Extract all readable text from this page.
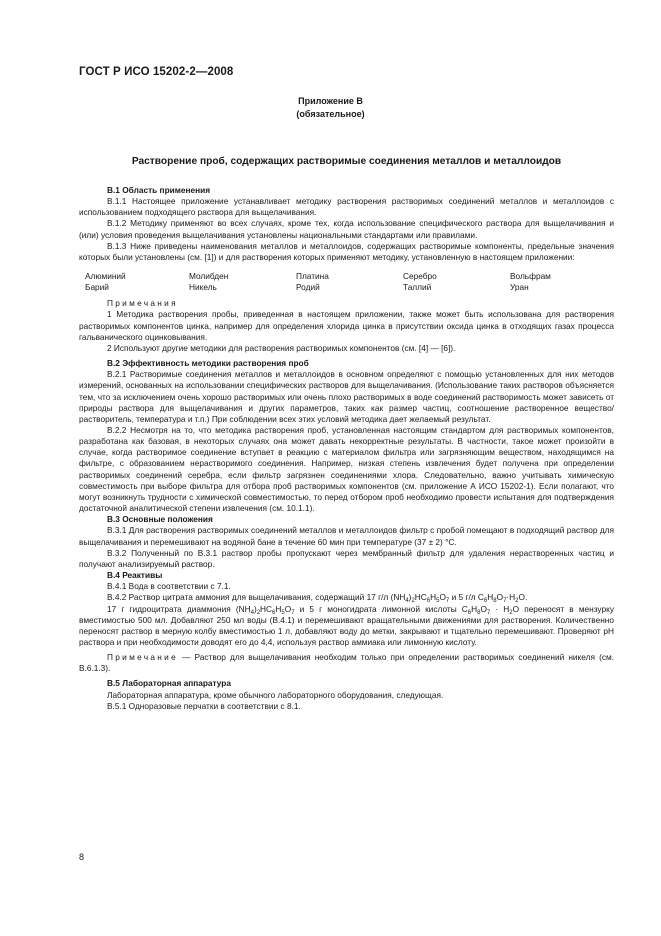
ГОСТ Р ИСО 15202-2—2008
Приложение В
(обязательное)
Растворение проб, содержащих растворимые соединения металлов и металлоидов

В.1 Область применения

В.1.1 Настоящее приложение устанавливает методику растворения растворимых соединений металлов и металлоидов с использованием подходящего раствора для выщелачивания.

В.1.2 Методику применяют во всех случаях, кроме тех, когда использование специфического раствора для выщелачивания и (или) условия проведения выщелачивания установлены национальными стандартами или правилами.

В.1.3 Ниже приведены наименования металлов и металлоидов, содержащих растворимые компоненты, предельные значения которых были установлены (см. [1]) и для растворения которых применяют методику, установленную в настоящем приложении:

Алюминий	Молибден	Платина	Серебро	Вольфрам
Барий	Никель	Родий	Таллий	Уран

Примечания

1 Методика растворения пробы, приведенная в настоящем приложении, также может быть использована для растворения растворимых компонентов цинка, например для определения хлорида цинка в присутствии оксида цинка в отходящих газах процесса гальванического оцинковывания.

2 Используют другие методики для растворения растворимых компонентов (см. [4] — [6]).

В.2 Эффективность методики растворения проб

В.2.1 Растворимые соединения металлов и металлоидов в основном определяют с помощью установленных для них методов измерений, основанных на использовании специфических растворов для выщелачивания. (Использование таких растворов объясняется тем, что за исключением очень хорошо растворимых или очень плохо растворимых в воде соединений растворимость может зависеть от природы раствора для выщелачивания и других параметров, таких как размер частиц, соотношение растворенное вещество/растворитель, температура и т.п.) При соблюдении всех этих условий методика дает желаемый результат.

В.2.2 Несмотря на то, что методика растворения проб, установленная настоящим стандартом для растворимых компонентов, разработана как базовая, в некоторых случаях она может давать некорректные результаты. В частности, такое может произойти в случае, когда растворимое соединение вступает в реакцию с материалом фильтра или загрязняющим веществом, находящимся на фильтре, с образованием нерастворимого соединения. Например, низкая степень извлечения будет получена при определении растворимых соединений серебра, если фильтр загрязнен соединениями хлора. Следовательно, важно учитывать химическую совместимость при выборе фильтра для отбора проб растворимых компонентов (см. приложение А ИСО 15202-1). Если полагают, что могут возникнуть трудности с химической совместимостью, то перед отбором проб необходимо провести испытания для подтверждения достаточной аналитической степени извлечения (см. 10.1.1).

В.3 Основные положения

В.3.1 Для растворения растворимых соединений металлов и металлоидов фильтр с пробой помещают в подходящий раствор для выщелачивания и перемешивают на водяной бане в течение 60 мин при температуре (37 ± 2) °С.

В.3.2 Полученный по В.3.1 раствор пробы пропускают через мембранный фильтр для удаления нерастворенных частиц и получают анализируемый раствор.

В.4 Реактивы

В.4.1 Вода в соответствии с 7.1.

В.4.2 Раствор цитрата аммония для выщелачивания, содержащий 17 г/л $(NH_4)_2HC_6H_5O_7$ и 5 г/л $C_6H_8O_7\cdot H_2O$.

17 г гидроцитрата диаммония $(NH_4)_2HC_6H_5O_7$ и 5 г моногидрата лимонной кислоты $C_6H_8O_7 \cdot H_2O$ переносят в мензурку вместимостью 500 мл. Добавляют 250 мл воды (В.4.1) и перемешивают вращательными движениями для растворения. Количественно переносят раствор в мерную колбу вместимостью 1 л, добавляют воду до метки, закрывают и тщательно перемешивают. Проверяют рН раствора и при необходимости доводят его до 4,4, используя раствор аммиака или лимонную кислоту.

Примечание — Раствор для выщелачивания необходим только при определении растворимых соединений никеля (см. В.6.1.3).

В.5 Лабораторная аппаратура

Лабораторная аппаратура, кроме обычного лабораторного оборудования, следующая.

В.5.1 Одноразовые перчатки в соответствии с 8.1.

8
